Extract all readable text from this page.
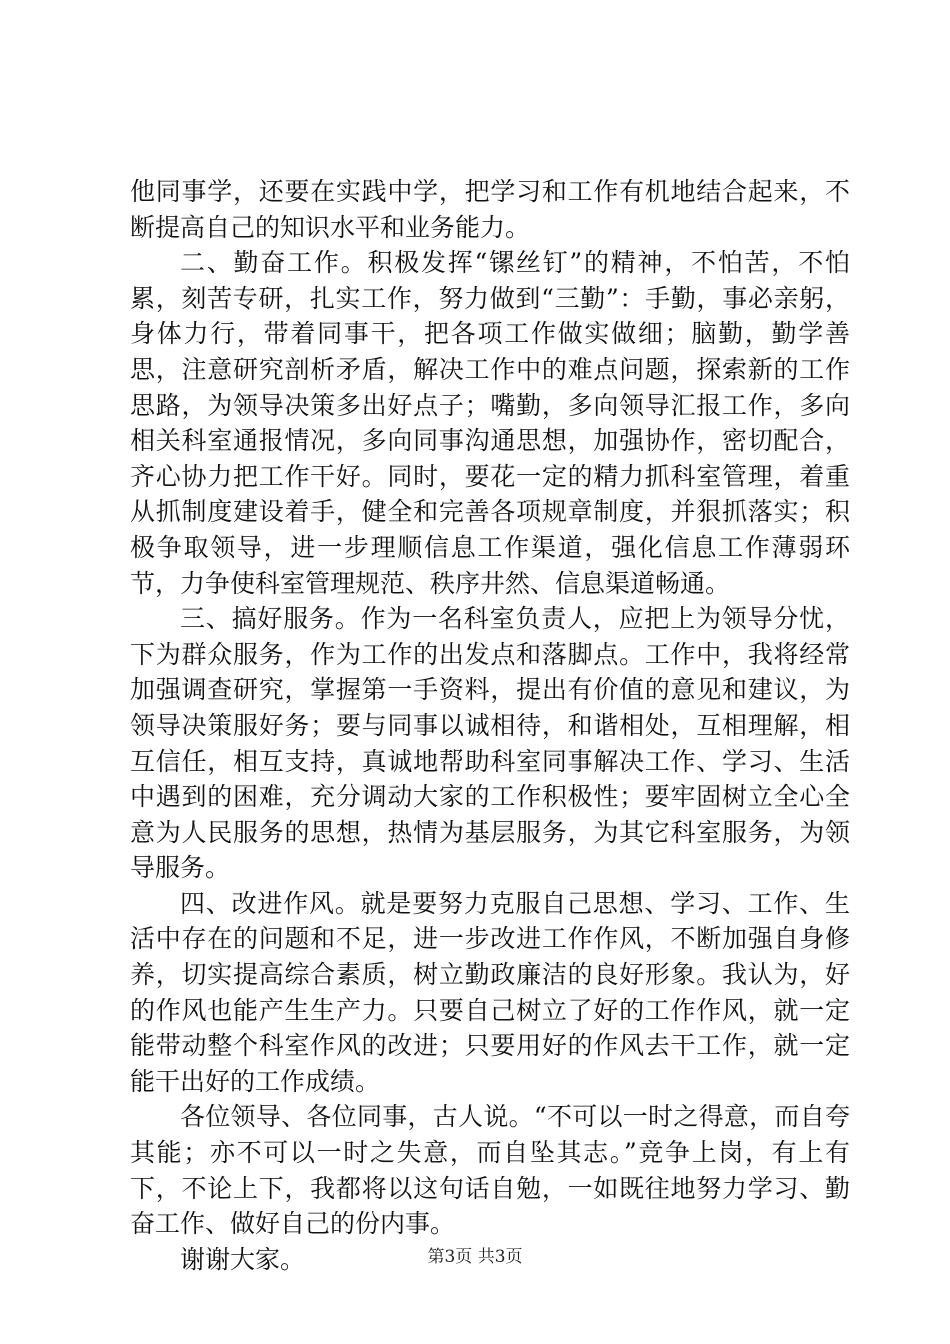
他同事学，还要在实践中学，把学习和工作有机地结合起来，不断提高自己的知识水平和业务能力。

二、勤奋工作。积极发挥“镙丝钉”的精神，不怕苦，不怕累，刻苦专研，扎实工作，努力做到“三勤”：手勤，事必亲躬，身体力行，带着同事干，把各项工作做实做细；脑勤，勤学善思，注意研究剖析矛盾，解决工作中的难点问题，探索新的工作思路，为领导决策多出好点子；嘴勤，多向领导汇报工作，多向相关科室通报情况，多向同事沟通思想，加强协作，密切配合，齐心协力把工作干好。同时，要花一定的精力抓科室管理，着重从抓制度建设着手，健全和完善各项规章制度，并狠抓落实；积极争取领导，进一步理顺信息工作渠道，强化信息工作薄弱环节，力争使科室管理规范、秩序井然、信息渠道畅通。

三、搞好服务。作为一名科室负责人，应把上为领导分忧，下为群众服务，作为工作的出发点和落脚点。工作中，我将经常加强调查研究，掌握第一手资料，提出有价值的意见和建议，为领导决策服好务；要与同事以诚相待，和谐相处，互相理解，相互信任，相互支持，真诚地帮助科室同事解决工作、学习、生活中遇到的困难，充分调动大家的工作积极性；要牢固树立全心全意为人民服务的思想，热情为基层服务，为其它科室服务，为领导服务。

四、改进作风。就是要努力克服自己思想、学习、工作、生活中存在的问题和不足，进一步改进工作作风，不断加强自身修养，切实提高综合素质，树立勤政廉洁的良好形象。我认为，好的作风也能产生生产力。只要自己树立了好的工作作风，就一定能带动整个科室作风的改进；只要用好的作风去干工作，就一定能干出好的工作成绩。

各位领导、各位同事，古人说。“不可以一时之得意，而自夸其能；亦不可以一时之失意，而自坠其志。”竞争上岗，有上有下，不论上下，我都将以这句话自勉，一如既往地努力学习、勤奋工作、做好自己的份内事。

谢谢大家。	第3页 共3页
